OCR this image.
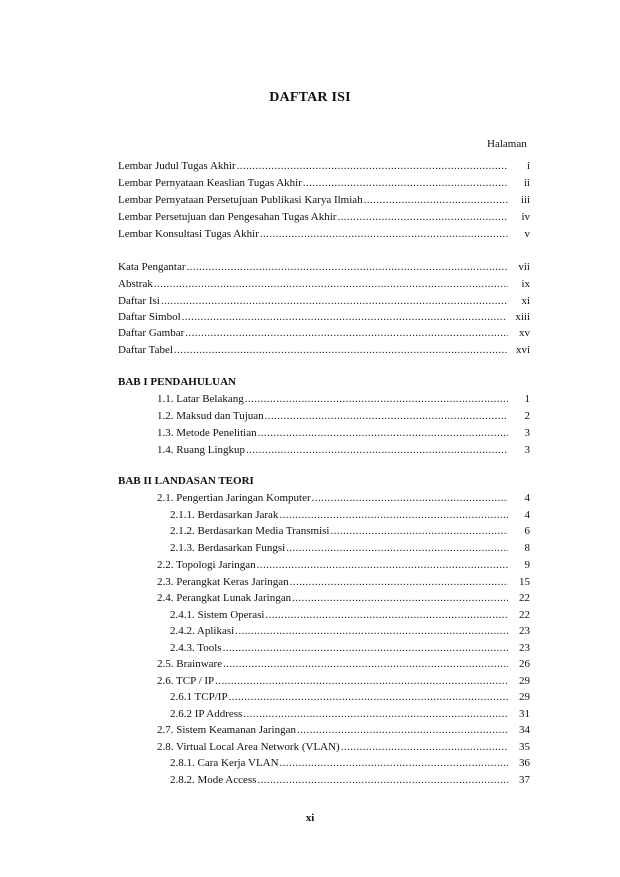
DAFTAR ISI
Halaman
Lembar Judul Tugas Akhir .....	i
Lembar Pernyataan Keaslian Tugas Akhir .....	ii
Lembar Pernyataan Persetujuan Publikasi Karya Ilmiah .....	iii
Lembar Persetujuan dan Pengesahan Tugas Akhir .....	iv
Lembar Konsultasi Tugas Akhir .....	v
Kata Pengantar .....	vii
Abstrak .....	ix
Daftar Isi .....	xi
Daftar Simbol .....	xiii
Daftar Gambar .....	xv
Daftar Tabel .....	xvi
BAB I PENDAHULUAN
1.1. Latar Belakang .....	1
1.2. Maksud dan Tujuan .....	2
1.3. Metode Penelitian .....	3
1.4. Ruang Lingkup .....	3
BAB II LANDASAN TEORI
2.1. Pengertian Jaringan Komputer .....	4
2.1.1. Berdasarkan Jarak .....	4
2.1.2. Berdasarkan Media Transmisi .....	6
2.1.3. Berdasarkan Fungsi .....	8
2.2. Topologi Jaringan .....	9
2.3. Perangkat Keras Jaringan .....	15
2.4. Perangkat Lunak Jaringan .....	22
2.4.1. Sistem Operasi .....	22
2.4.2. Aplikasi .....	23
2.4.3. Tools .....	23
2.5. Brainware .....	26
2.6. TCP / IP .....	29
2.6.1 TCP/IP .....	29
2.6.2 IP Address .....	31
2.7. Sistem Keamanan Jaringan .....	34
2.8. Virtual Local Area Network (VLAN) .....	35
2.8.1. Cara Kerja VLAN .....	36
2.8.2. Mode Access .....	37
xi
